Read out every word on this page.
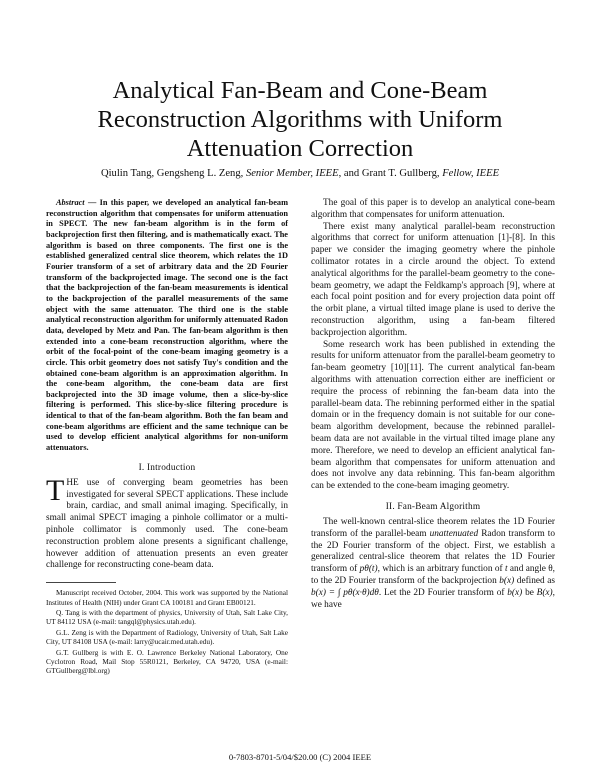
Analytical Fan-Beam and Cone-Beam
Reconstruction Algorithms with Uniform
Attenuation Correction
Qiulin Tang, Gengsheng L. Zeng, Senior Member, IEEE, and Grant T. Gullberg, Fellow, IEEE

Abstract — In this paper, we developed an analytical fan-beam reconstruction algorithm that compensates for uniform attenuation in SPECT. The new fan-beam algorithm is in the form of backprojection first then filtering, and is mathematically exact. The algorithm is based on three components. The first one is the established generalized central slice theorem, which relates the 1D Fourier transform of a set of arbitrary data and the 2D Fourier transform of the backprojected image. The second one is the fact that the backprojection of the fan-beam measurements is identical to the backprojection of the parallel measurements of the same object with the same attenuator. The third one is the stable analytical reconstruction algorithm for uniformly attenuated Radon data, developed by Metz and Pan. The fan-beam algorithm is then extended into a cone-beam reconstruction algorithm, where the orbit of the focal-point of the cone-beam imaging geometry is a circle. This orbit geometry does not satisfy Tuy's condition and the obtained cone-beam algorithm is an approximation algorithm. In the cone-beam algorithm, the cone-beam data are first backprojected into the 3D image volume, then a slice-by-slice filtering is performed. This slice-by-slice filtering procedure is identical to that of the fan-beam algorithm. Both the fan beam and cone-beam algorithms are efficient and the same technique can be used to develop efficient analytical algorithms for non-uniform attenuators.

I. Introduction

THE use of converging beam geometries has been investigated for several SPECT applications. These include brain, cardiac, and small animal imaging. Specifically, in small animal SPECT imaging a pinhole collimator or a multi-pinhole collimator is commonly used. The cone-beam reconstruction problem alone presents a significant challenge, however addition of attenuation presents an even greater challenge for reconstructing cone-beam data.

Manuscript received October, 2004. This work was supported by the National Institutes of Health (NIH) under Grant CA 100181 and Grant EB00121.

Q. Tang is with the department of physics, University of Utah, Salt Lake City, UT 84112 USA (e-mail: tangql@physics.utah.edu).

G.L. Zeng is with the Department of Radiology, University of Utah, Salt Lake City, UT 84108 USA (e-mail: larry@ucair.med.utah.edu).

G.T. Gullberg is with E. O. Lawrence Berkeley National Laboratory, One Cyclotron Road, Mail Stop 55R0121, Berkeley, CA 94720, USA (e-mail: GTGullberg@lbl.org)

The goal of this paper is to develop an analytical cone-beam algorithm that compensates for uniform attenuation.

There exist many analytical parallel-beam reconstruction algorithms that correct for uniform attenuation [1]-[8]. In this paper we consider the imaging geometry where the pinhole collimator rotates in a circle around the object. To extend analytical algorithms for the parallel-beam geometry to the cone-beam geometry, we adapt the Feldkamp's approach [9], where at each focal point position and for every projection data point off the orbit plane, a virtual tilted image plane is used to derive the reconstruction algorithm, using a fan-beam filtered backprojection algorithm.

Some research work has been published in extending the results for uniform attenuator from the parallel-beam geometry to fan-beam geometry [10][11]. The current analytical fan-beam algorithms with attenuation correction either are inefficient or require the process of rebinning the fan-beam data into the parallel-beam data. The rebinning performed either in the spatial domain or in the frequency domain is not suitable for our cone-beam algorithm development, because the rebinned parallel-beam data are not available in the virtual tilted image plane any more. Therefore, we need to develop an efficient analytical fan-beam algorithm that compensates for uniform attenuation and does not involve any data rebinning. This fan-beam algorithm can be extended to the cone-beam imaging geometry.

II. Fan-Beam Algorithm

The well-known central-slice theorem relates the 1D Fourier transform of the parallel-beam unattenuated Radon transform to the 2D Fourier transform of the object. First, we establish a generalized central-slice theorem that relates the 1D Fourier transform of pθ(t), which is an arbitrary function of t and angle θ, to the 2D Fourier transform of the backprojection b(x) defined as b(x) = ∫ pθ(x·θ)dθ. Let the 2D Fourier transform of b(x) be B(x), we have

0-7803-8701-5/04/$20.00 (C) 2004 IEEE
